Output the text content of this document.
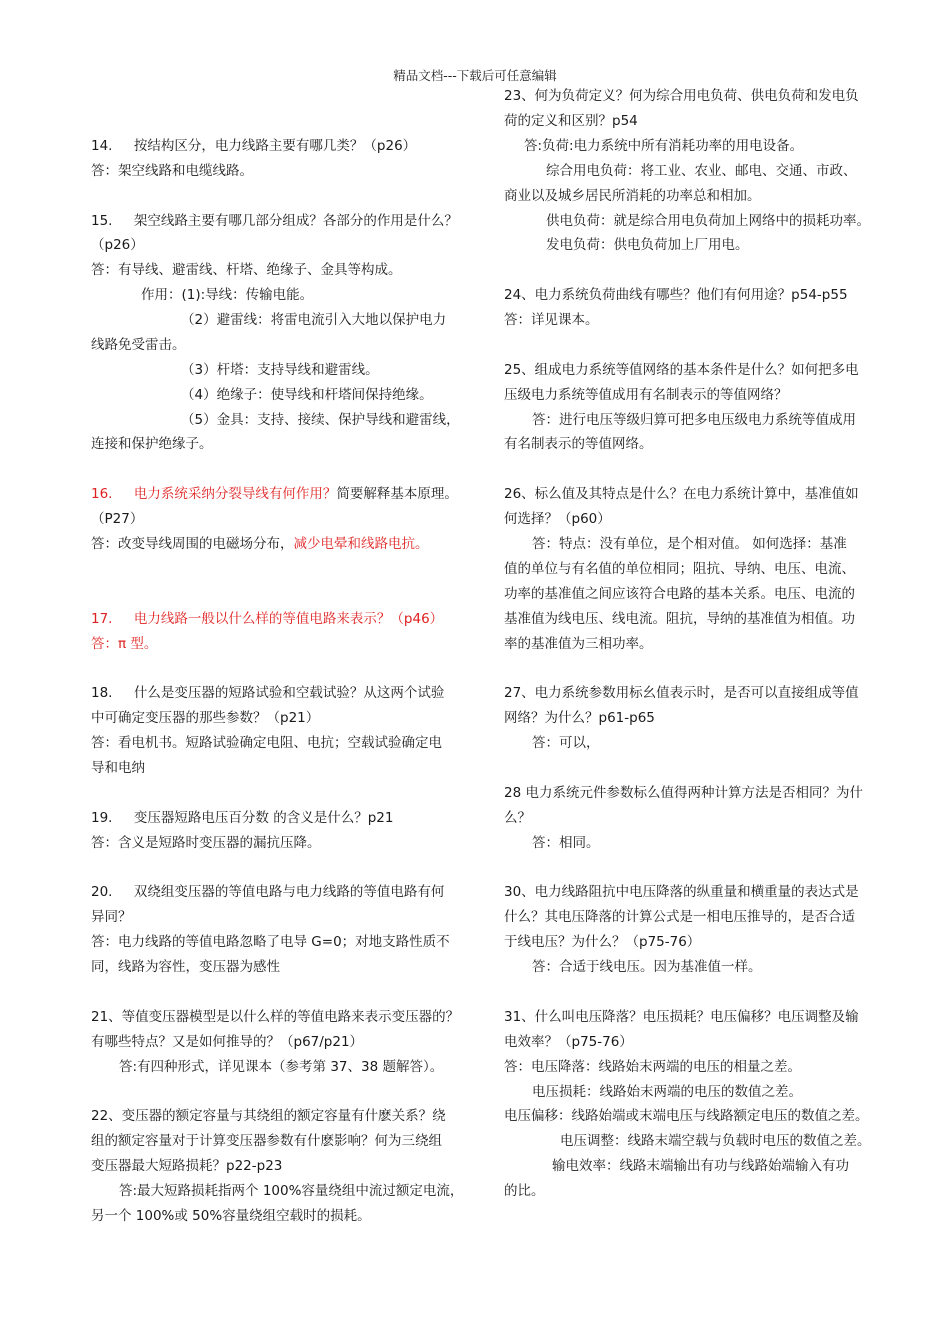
精品文档---下载后可任意编辑
14.     按结构区分，电力线路主要有哪几类？（p26）
答：架空线路和电缆线路。
15.     架空线路主要有哪几部分组成？各部分的作用是什么？
（p26）
答：有导线、避雷线、杆塔、绝缘子、金具等构成。
作用：(1):导线：传输电能。
（2）避雷线：将雷电流引入大地以保护电力
线路免受雷击。
（3）杆塔：支持导线和避雷线。
（4）绝缘子：使导线和杆塔间保持绝缘。
（5）金具：支持、接续、保护导线和避雷线，
连接和保护绝缘子。
16.     电力系统采纳分裂导线有何作用？简要解释基本原理。
（P27）
答：改变导线周围的电磁场分布，减少电晕和线路电抗。
17.     电力线路一般以什么样的等值电路来表示？（p46）
答：π 型。
18.     什么是变压器的短路试验和空载试验？从这两个试验
中可确定变压器的那些参数？（p21）
答：看电机书。短路试验确定电阻、电抗；空载试验确定电
导和电纳
19.     变压器短路电压百分数 的含义是什么？p21
答：含义是短路时变压器的漏抗压降。
20.     双绕组变压器的等值电路与电力线路的等值电路有何
异同？
答：电力线路的等值电路忽略了电导 G=0；对地支路性质不
同，线路为容性，变压器为感性
21、等值变压器模型是以什么样的等值电路来表示变压器的？
有哪些特点？又是如何推导的？（p67/p21）
答:有四种形式，详见课本（参考第 37、38 题解答）。
22、变压器的额定容量与其绕组的额定容量有什麽关系？绕
组的额定容量对于计算变压器参数有什麽影响？何为三绕组
变压器最大短路损耗？p22-p23
答:最大短路损耗指两个 100%容量绕组中流过额定电流，
另一个 100%或 50%容量绕组空载时的损耗。
23、何为负荷定义？何为综合用电负荷、供电负荷和发电负
荷的定义和区别？p54
答:负荷:电力系统中所有消耗功率的用电设备。
综合用电负荷：将工业、农业、邮电、交通、市政、
商业以及城乡居民所消耗的功率总和相加。
供电负荷：就是综合用电负荷加上网络中的损耗功率。
发电负荷：供电负荷加上厂用电。
24、电力系统负荷曲线有哪些？他们有何用途？p54-p55
答：详见课本。
25、组成电力系统等值网络的基本条件是什么？如何把多电
压级电力系统等值成用有名制表示的等值网络？
答：进行电压等级归算可把多电压级电力系统等值成用
有名制表示的等值网络。
26、标么值及其特点是什么？在电力系统计算中，基准值如
何选择？（p60）
答：特点：没有单位，是个相对值。 如何选择：基准
值的单位与有名值的单位相同；阻抗、导纳、电压、电流、
功率的基准值之间应该符合电路的基本关系。电压、电流的
基准值为线电压、线电流。阻抗，导纳的基准值为相值。功
率的基准值为三相功率。
27、电力系统参数用标幺值表示时，是否可以直接组成等值
网络？为什么？p61-p65
答：可以，
28 电力系统元件参数标么值得两种计算方法是否相同？为什
么？
答：相同。
30、电力线路阻抗中电压降落的纵重量和横重量的表达式是
什么？其电压降落的计算公式是一相电压推导的，是否合适
于线电压？为什么？（p75-76）
答：合适于线电压。因为基准值一样。
31、什么叫电压降落？电压损耗？电压偏移？电压调整及输
电效率？（p75-76）
答：电压降落：线路始末两端的电压的相量之差。
电压损耗：线路始末两端的电压的数值之差。
电压偏移：线路始端或末端电压与线路额定电压的数值之差。
电压调整：线路末端空载与负载时电压的数值之差。
输电效率：线路末端输出有功与线路始端输入有功
的比。
